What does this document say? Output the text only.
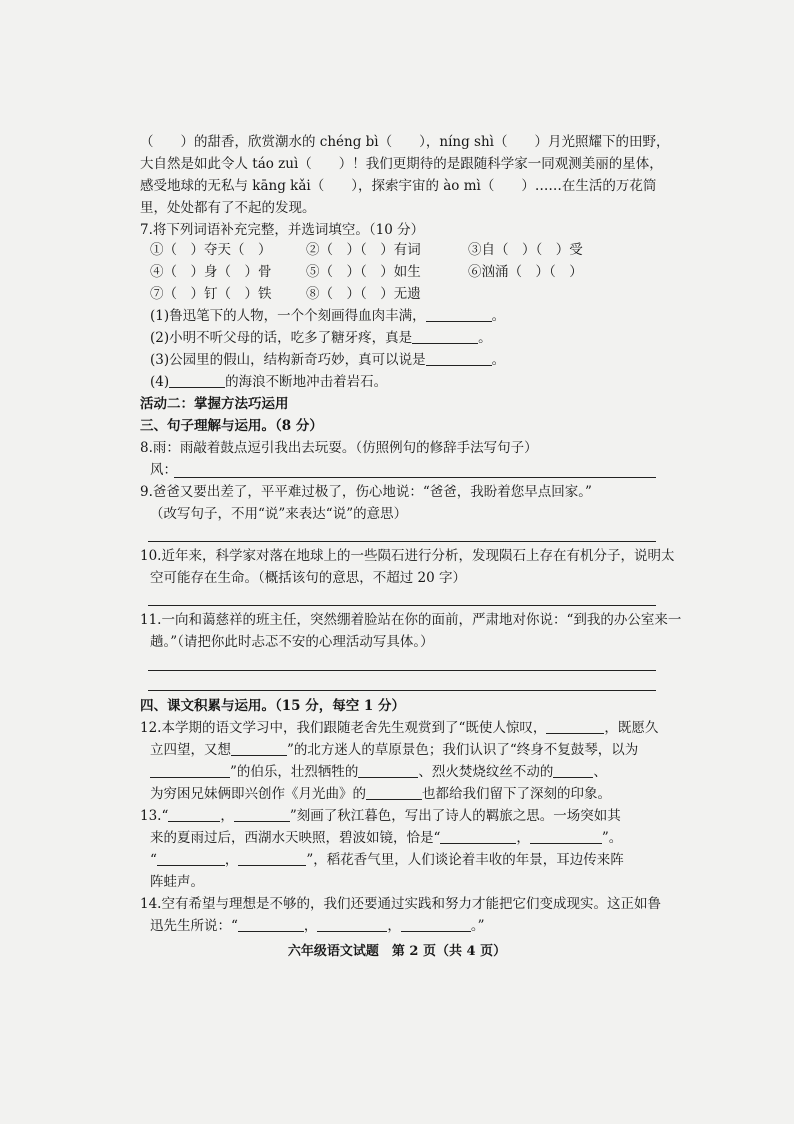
（　　）的甜香，欣赏潮水的 chéng bì（　　），níng shì（　　）月光照耀下的田野，
大自然是如此令人 táo zuì（　　）！我们更期待的是跟随科学家一同观测美丽的星体，
感受地球的无私与 kāng kǎi（　　），探索宇宙的 ào mì（　　）……在生活的万花筒
里，处处都有了不起的发现。
7.将下列词语补充完整，并选词填空。（10 分）
①（　）夺天（　）	②（　）（　）有词	③自（　）（　）受
④（　）身（　）骨	⑤（　）（　）如生	⑥汹涌（　）（　）
⑦（　）钉（　）铁	⑧（　）（　）无遗
(1)鲁迅笔下的人物，一个个刻画得血肉丰满，	。
(2)小明不听父母的话，吃多了糖牙疼，真是	。
(3)公园里的假山，结构新奇巧妙，真可以说是	。
(4)	的海浪不断地冲击着岩石。
活动二：掌握方法巧运用
三、句子理解与运用。（8 分）
8.雨：雨敲着鼓点逗引我出去玩耍。（仿照例句的修辞手法写句子）
风：
9.爸爸又要出差了，平平难过极了，伤心地说：“爸爸，我盼着您早点回家。”
（改写句子，不用“说”来表达“说”的意思）
10.近年来，科学家对落在地球上的一些陨石进行分析，发现陨石上存在有机分子，说明太
空可能存在生命。（概括该句的意思，不超过 20 字）
11.一向和蔼慈祥的班主任，突然绷着脸站在你的面前，严肃地对你说：“到我的办公室来一
趟。”（请把你此时忐忑不安的心理活动写具体。）
四、课文积累与运用。（15 分，每空 1 分）
12.本学期的语文学习中，我们跟随老舍先生观赏到了“既使人惊叹，	，既愿久
立四望，又想	”的北方迷人的草原景色；我们认识了“终身不复鼓琴，以为
”的伯乐，壮烈牺牲的	、烈火焚烧纹丝不动的	、
为穷困兄妹俩即兴创作《月光曲》的	也都给我们留下了深刻的印象。
13.“	，	”刻画了秋江暮色，写出了诗人的羁旅之思。一场突如其
来的夏雨过后，西湖水天映照，碧波如镜，恰是“	，	”。
“	，	”，稻花香气里，人们谈论着丰收的年景，耳边传来阵
阵蛙声。
14.空有希望与理想是不够的，我们还要通过实践和努力才能把它们变成现实。这正如鲁
迅先生所说：“	，	，	。”
六年级语文试题　第 2 页（共 4 页）
